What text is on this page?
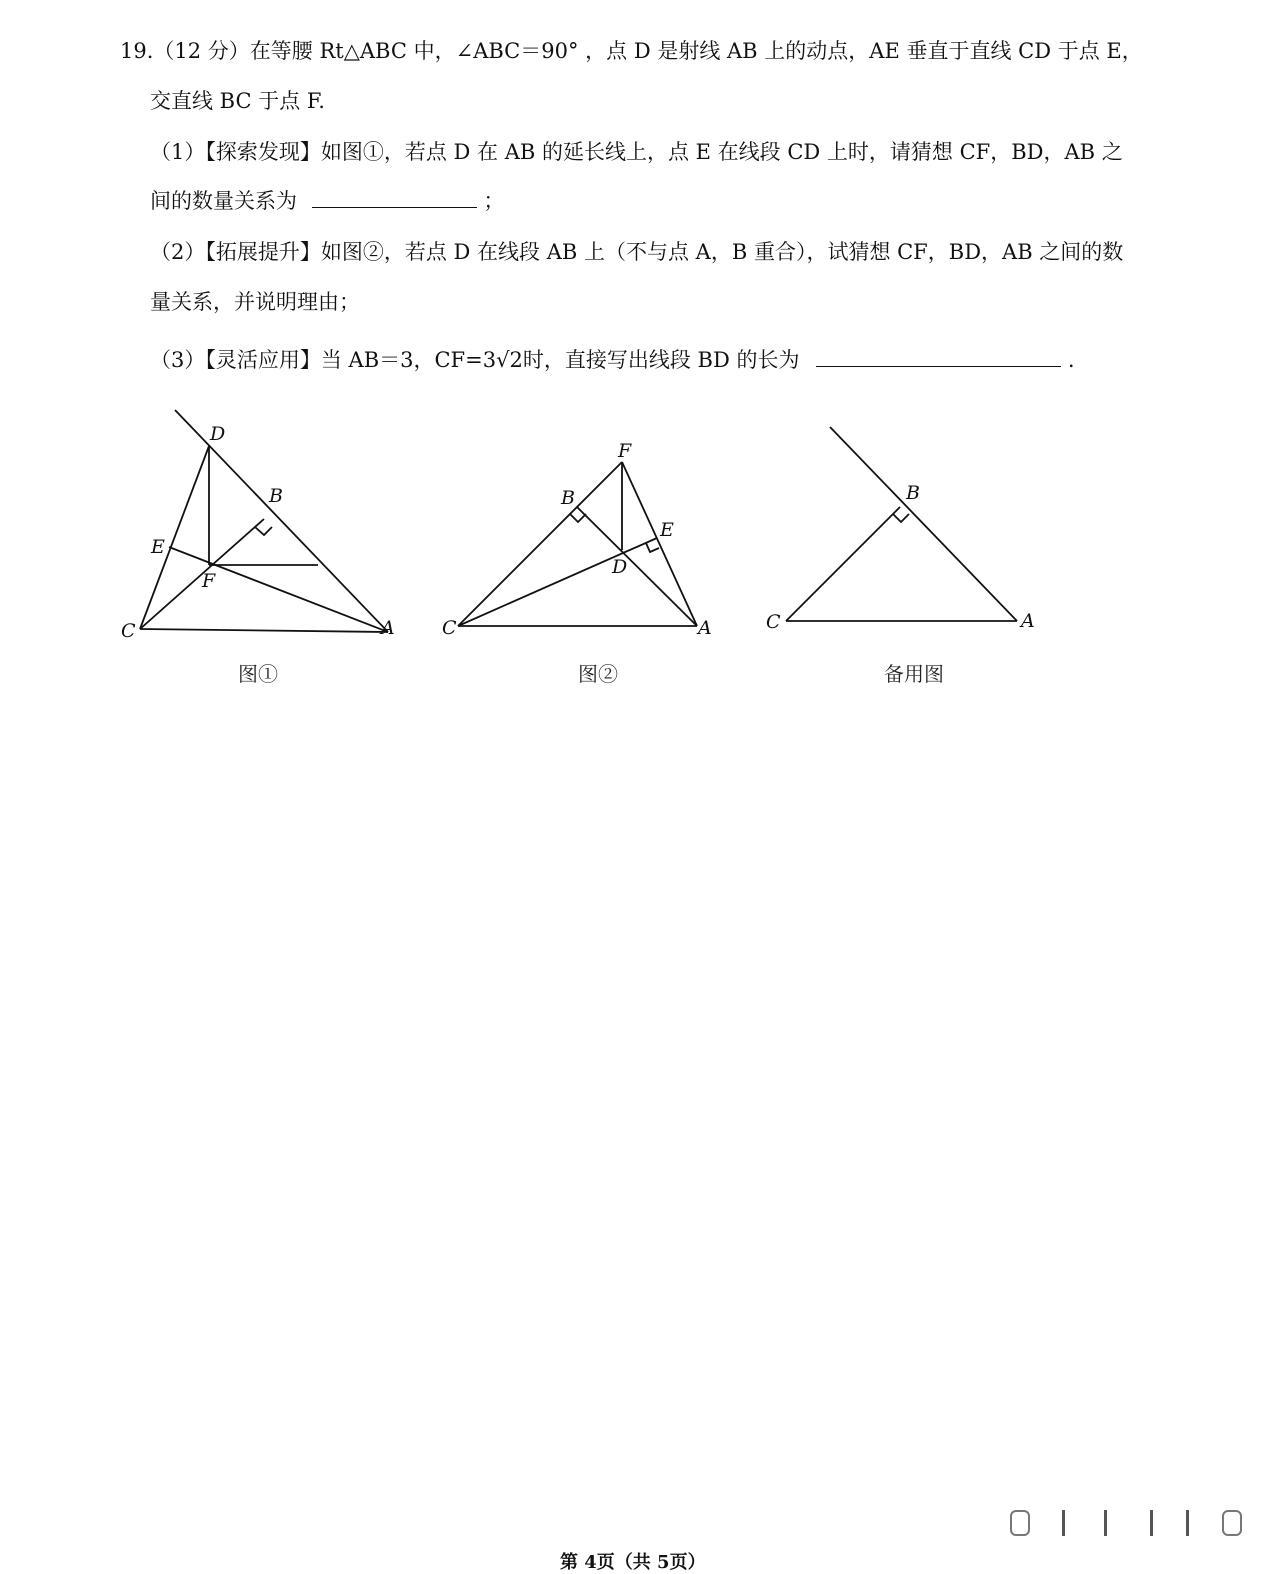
19.（12 分）在等腰 Rt△ABC 中，∠ABC＝90° ，点 D 是射线 AB 上的动点，AE 垂直于直线 CD 于点 E，
交直线 BC 于点 F.
（1）【探索发现】如图①，若点 D 在 AB 的延长线上，点 E 在线段 CD 上时，请猜想 CF，BD，AB 之
间的数量关系为	；
（2）【拓展提升】如图②，若点 D 在线段 AB 上（不与点 A，B 重合），试猜想 CF，BD，AB 之间的数
量关系，并说明理由；
（3）【灵活应用】当 AB＝3，CF=3√2时，直接写出线段 BD 的长为	.
D
B
E
F
C	A
F
B
E
D
C	A
B
C	A
图①	图②	备用图
第 4页（共 5页）
